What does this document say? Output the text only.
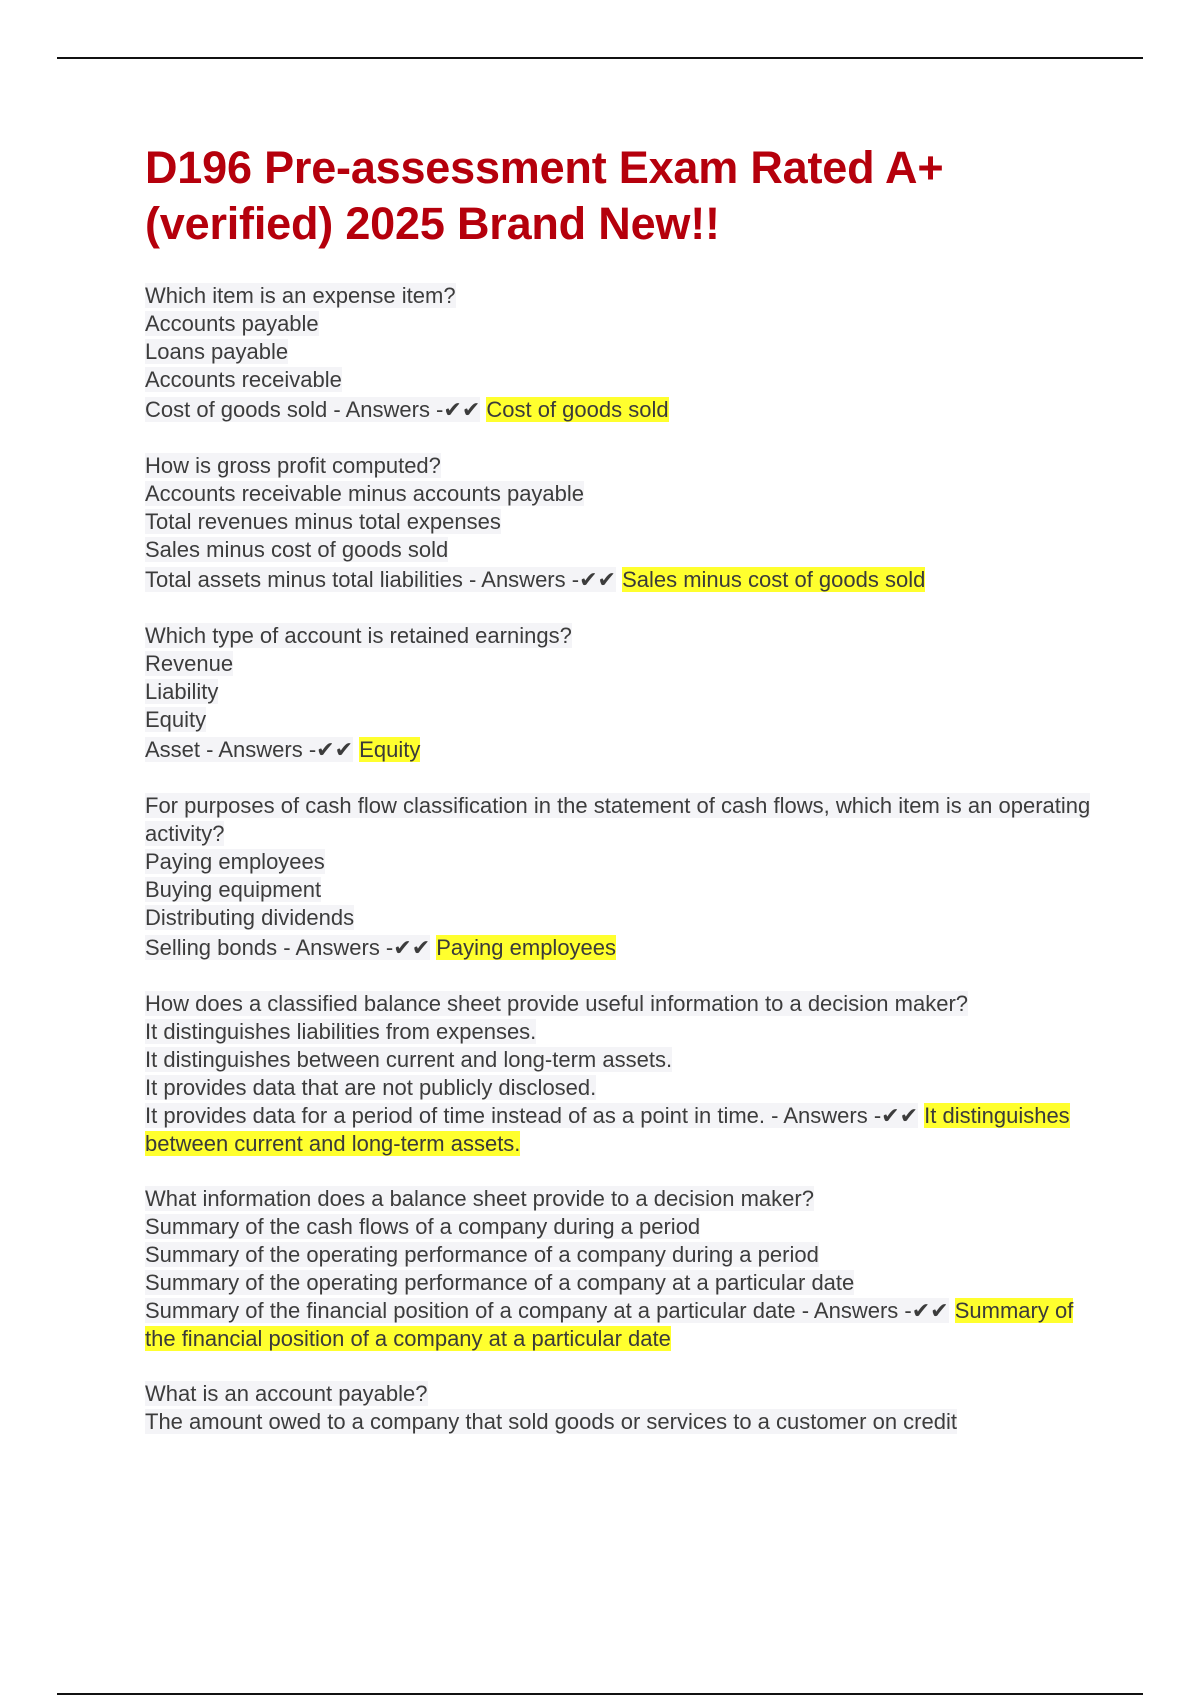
D196 Pre-assessment Exam Rated A+ (verified) 2025 Brand New!!
Which item is an expense item?
Accounts payable
Loans payable
Accounts receivable
Cost of goods sold - Answers -✔✔ Cost of goods sold
How is gross profit computed?
Accounts receivable minus accounts payable
Total revenues minus total expenses
Sales minus cost of goods sold
Total assets minus total liabilities - Answers -✔✔ Sales minus cost of goods sold
Which type of account is retained earnings?
Revenue
Liability
Equity
Asset - Answers -✔✔ Equity
For purposes of cash flow classification in the statement of cash flows, which item is an operating activity?
Paying employees
Buying equipment
Distributing dividends
Selling bonds - Answers -✔✔ Paying employees
How does a classified balance sheet provide useful information to a decision maker?
It distinguishes liabilities from expenses.
It distinguishes between current and long-term assets.
It provides data that are not publicly disclosed.
It provides data for a period of time instead of as a point in time. - Answers -✔✔ It distinguishes between current and long-term assets.
What information does a balance sheet provide to a decision maker?
Summary of the cash flows of a company during a period
Summary of the operating performance of a company during a period
Summary of the operating performance of a company at a particular date
Summary of the financial position of a company at a particular date - Answers -✔✔ Summary of the financial position of a company at a particular date
What is an account payable?
The amount owed to a company that sold goods or services to a customer on credit
